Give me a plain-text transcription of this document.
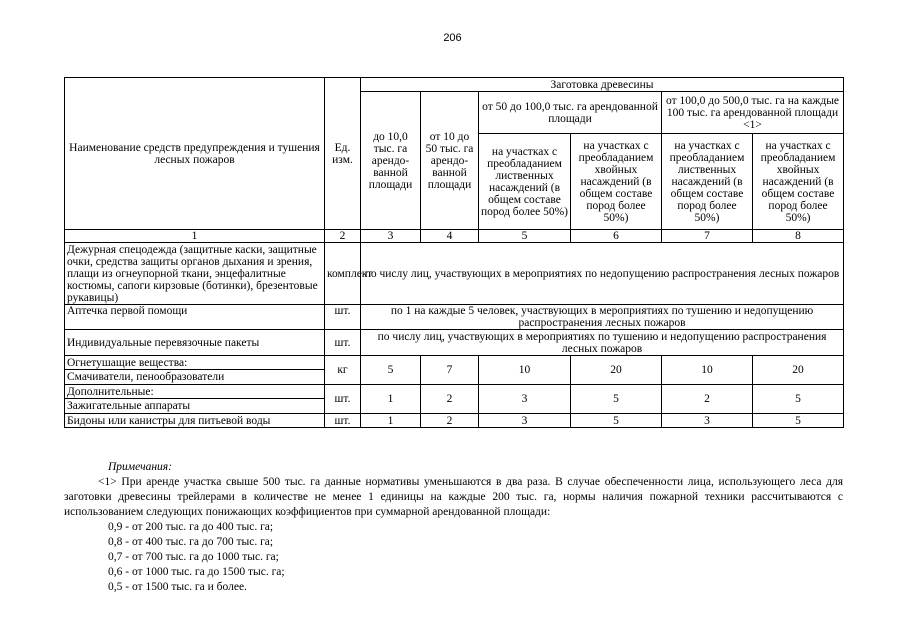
206
Наименование средств предупреждения и тушения лесных пожаров	Ед. изм.	Заготовка древесины					
		до 10,0 тыс. га арендо-ванной площади	от 10 до 50 тыс. га арендо-ванной площади	от 50 до 100,0 тыс. га арендованной площади		от 100,0 до 500,0 тыс. га на каждые 100 тыс. га арендованной площади <1>	
				на участках с преобладанием лиственных насаждений (в общем составе пород более 50%)	на участках с преобладанием хвойных насаждений (в общем составе пород более 50%)	на участках с преобладанием лиственных насаждений (в общем составе пород более 50%)	на участках с преобладанием хвойных насаждений (в общем составе пород более 50%)

1	2	3	4	5	6	7	8
Дежурная спецодежда (защитные каски, защитные очки, средства защиты органов дыхания и зрения, плащи из огнеупорной ткани, энцефалитные костюмы, сапоги кирзовые (ботинки), брезентовые рукавицы)	комплект	по числу лиц, участвующих в мероприятиях по недопущению распространения лесных пожаров					
Аптечка первой помощи	шт.	по 1 на каждые 5 человек, участвующих в мероприятиях по тушению и недопущению распространения лесных пожаров					
Индивидуальные перевязочные пакеты	шт.	по числу лиц, участвующих в мероприятиях по тушению и недопущению распространения лесных пожаров					
Огнетушащие вещества:	кг	5	7	10	20	10	20
Смачиватели, пенообразователи							
Дополнительные:	шт.	1	2	3	5	2	5
Зажигательные аппараты							
Бидоны или канистры для питьевой воды	шт.	1	2	3	5	3	5
Примечания:

<1> При аренде участка свыше 500 тыс. га данные нормативы уменьшаются в два раза. В случае обеспеченности лица, использующего леса для заготовки древесины трейлерами в количестве не менее 1 единицы на каждые 200 тыс. га, нормы наличия пожарной техники рассчитываются с использованием следующих понижающих коэффициентов при суммарной арендованной площади:

0,9 - от 200 тыс. га до 400 тыс. га;
0,8 - от 400 тыс. га до 700 тыс. га;
0,7 - от 700 тыс. га до 1000 тыс. га;
0,6 - от 1000 тыс. га до 1500 тыс. га;
0,5 - от 1500 тыс. га и более.
